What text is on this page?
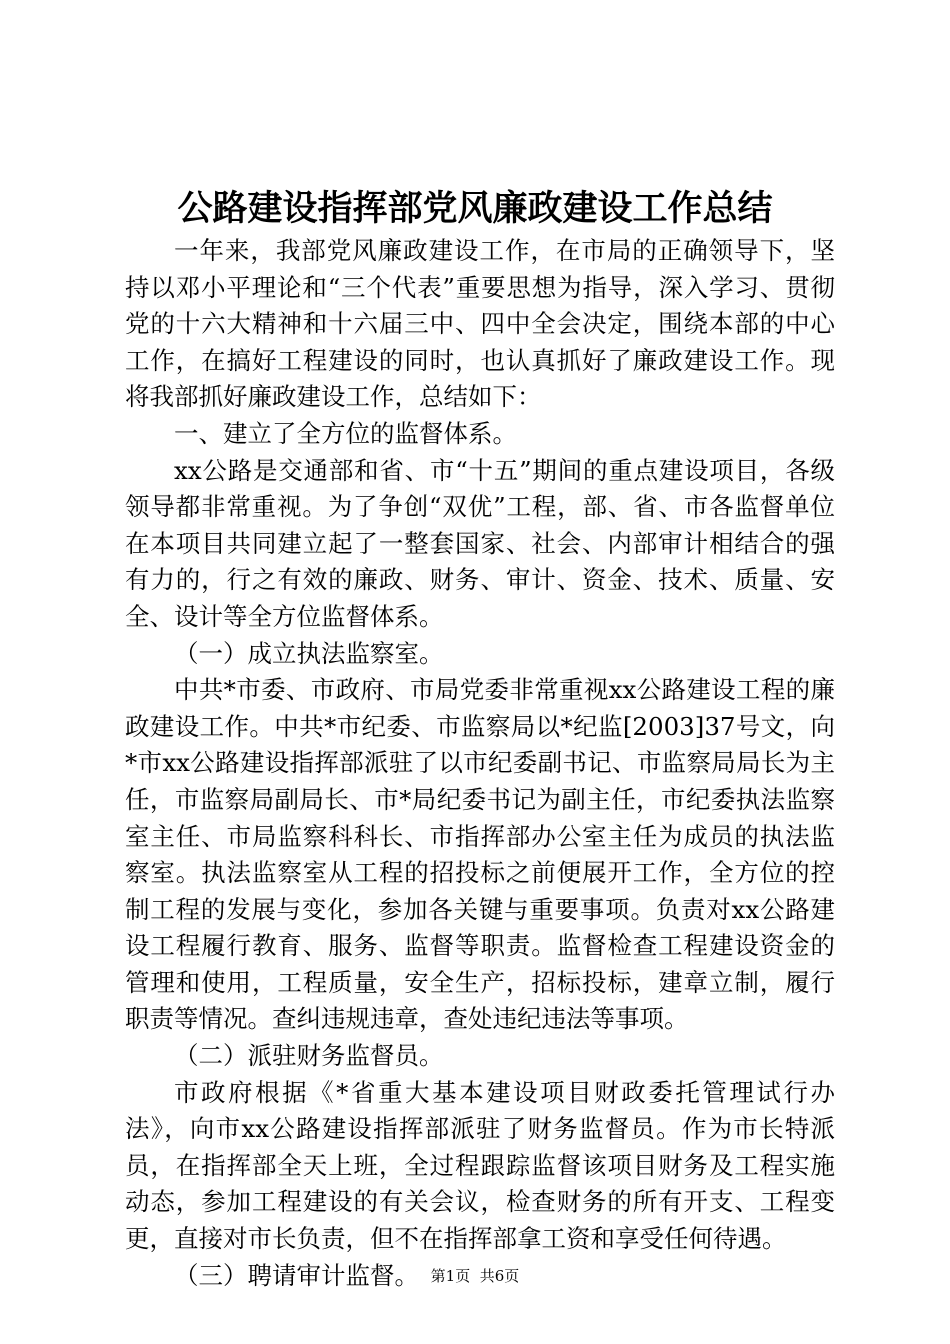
公路建设指挥部党风廉政建设工作总结

一年来，我部党风廉政建设工作，在市局的正确领导下，坚持以邓小平理论和“三个代表”重要思想为指导，深入学习、贯彻党的十六大精神和十六届三中、四中全会决定，围绕本部的中心工作，在搞好工程建设的同时，也认真抓好了廉政建设工作。现将我部抓好廉政建设工作，总结如下：

一、建立了全方位的监督体系。

xx公路是交通部和省、市“十五”期间的重点建设项目，各级领导都非常重视。为了争创“双优”工程，部、省、市各监督单位在本项目共同建立起了一整套国家、社会、内部审计相结合的强有力的，行之有效的廉政、财务、审计、资金、技术、质量、安全、设计等全方位监督体系。

（一）成立执法监察室。

中共*市委、市政府、市局党委非常重视xx公路建设工程的廉政建设工作。中共*市纪委、市监察局以*纪监[2003]37号文，向*市xx公路建设指挥部派驻了以市纪委副书记、市监察局局长为主任，市监察局副局长、市*局纪委书记为副主任，市纪委执法监察室主任、市局监察科科长、市指挥部办公室主任为成员的执法监察室。执法监察室从工程的招投标之前便展开工作，全方位的控制工程的发展与变化，参加各关键与重要事项。负责对xx公路建设工程履行教育、服务、监督等职责。监督检查工程建设资金的管理和使用，工程质量，安全生产，招标投标，建章立制，履行职责等情况。查纠违规违章，查处违纪违法等事项。

（二）派驻财务监督员。

市政府根据《*省重大基本建设项目财政委托管理试行办法》，向市xx公路建设指挥部派驻了财务监督员。作为市长特派员，在指挥部全天上班，全过程跟踪监督该项目财务及工程实施动态，参加工程建设的有关会议，检查财务的所有开支、工程变更，直接对市长负责，但不在指挥部拿工资和享受任何待遇。

（三）聘请审计监督。 第1页 共6页
